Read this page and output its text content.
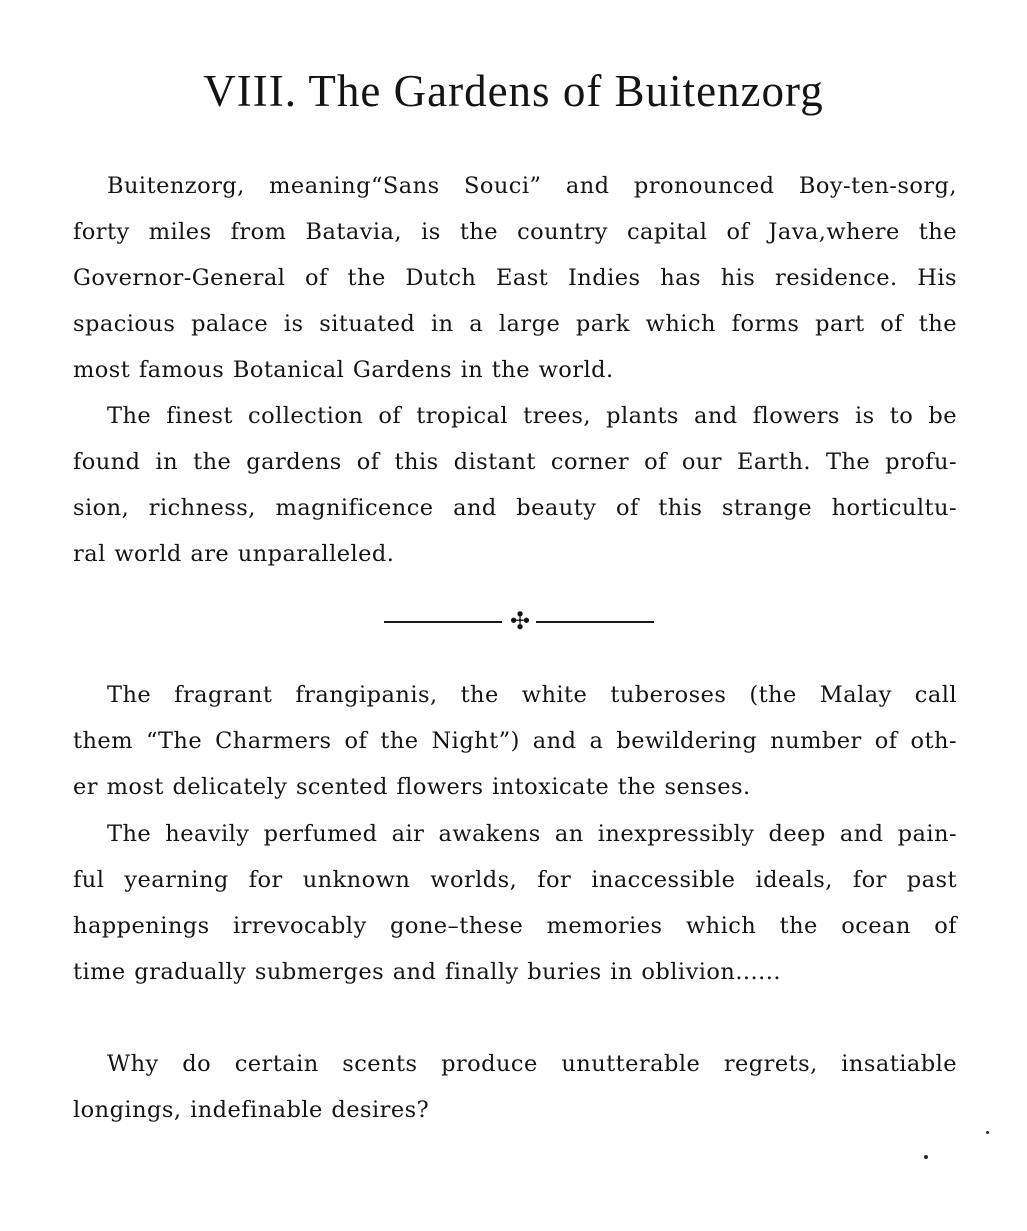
VIII. The Gardens of Buitenzorg

Buitenzorg, meaning“Sans Souci” and pronounced Boy-ten-sorg,
forty miles from Batavia, is the country capital of Java,where the
Governor-General of the Dutch East Indies has his residence. His
spacious palace is situated in a large park which forms part of the
most famous Botanical Gardens in the world.

The finest collection of tropical trees, plants and flowers is to be
found in the gardens of this distant corner of our Earth. The profu-
sion, richness, magnificence and beauty of this strange horticultu-
ral world are unparalleled.

✣

The fragrant frangipanis, the white tuberoses (the Malay call
them “The Charmers of the Night”) and a bewildering number of oth-
er most delicately scented flowers intoxicate the senses.

The heavily perfumed air awakens an inexpressibly deep and pain-
ful yearning for unknown worlds, for inaccessible ideals, for past
happenings irrevocably gone–these memories which the ocean of
time gradually submerges and finally buries in oblivion......

Why do certain scents produce unutterable regrets, insatiable
longings, indefinable desires?
